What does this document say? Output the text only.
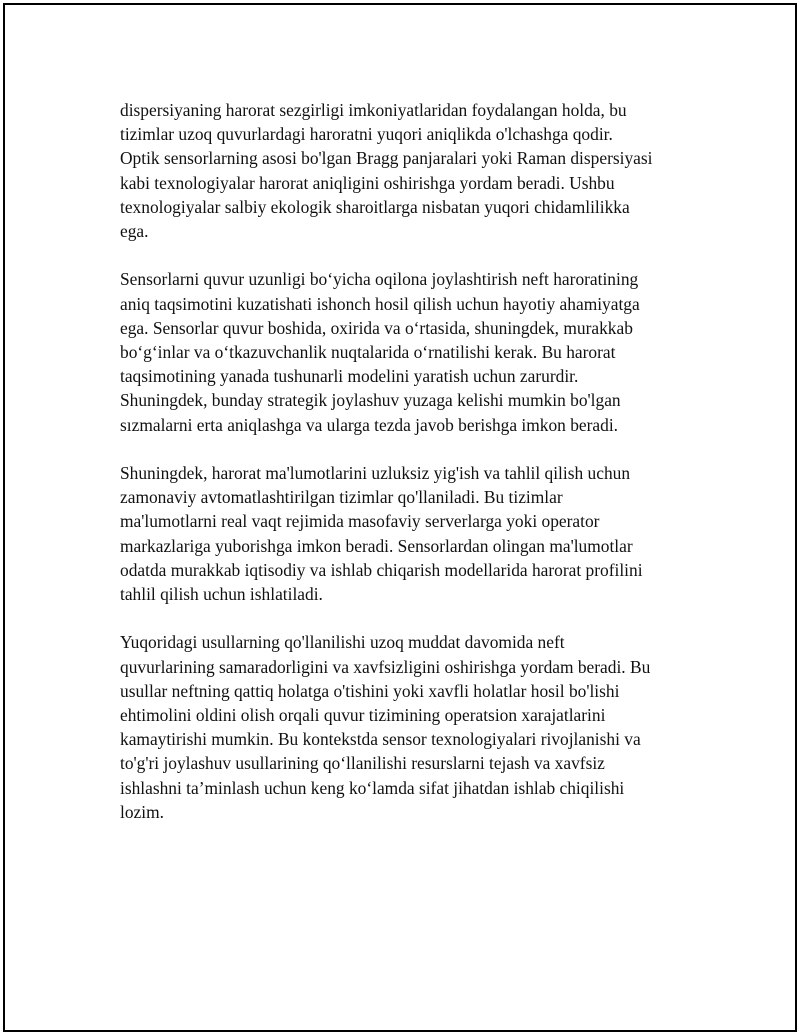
dispersiyaning harorat sezgirligi imkoniyatlaridan foydalangan holda, bu
tizimlar uzoq quvurlardagi haroratni yuqori aniqlikda o'lchashga qodir.
Optik sensorlarning asosi bo'lgan Bragg panjaralari yoki Raman dispersiyasi
kabi texnologiyalar harorat aniqligini oshirishga yordam beradi. Ushbu
texnologiyalar salbiy ekologik sharoitlarga nisbatan yuqori chidamlilikka
ega.

Sensorlarni quvur uzunligi bo‘yicha oqilona joylashtirish neft haroratining
aniq taqsimotini kuzatishati ishonch hosil qilish uchun hayotiy ahamiyatga
ega. Sensorlar quvur boshida, oxirida va o‘rtasida, shuningdek, murakkab
bo‘g‘inlar va o‘tkazuvchanlik nuqtalarida o‘rnatilishi kerak. Bu harorat
taqsimotining yanada tushunarli modelini yaratish uchun zarurdir.
Shuningdek, bunday strategik joylashuv yuzaga kelishi mumkin bo'lgan
sızmalarni erta aniqlashga va ularga tezda javob berishga imkon beradi.

Shuningdek, harorat ma'lumotlarini uzluksiz yig'ish va tahlil qilish uchun
zamonaviy avtomatlashtirilgan tizimlar qo'llaniladi. Bu tizimlar
ma'lumotlarni real vaqt rejimida masofaviy serverlarga yoki operator
markazlariga yuborishga imkon beradi. Sensorlardan olingan ma'lumotlar
odatda murakkab iqtisodiy va ishlab chiqarish modellarida harorat profilini
tahlil qilish uchun ishlatiladi.

Yuqoridagi usullarning qo'llanilishi uzoq muddat davomida neft
quvurlarining samaradorligini va xavfsizligini oshirishga yordam beradi. Bu
usullar neftning qattiq holatga o'tishini yoki xavfli holatlar hosil bo'lishi
ehtimolini oldini olish orqali quvur tizimining operatsion xarajatlarini
kamaytirishi mumkin. Bu kontekstda sensor texnologiyalari rivojlanishi va
to'g'ri joylashuv usullarining qo‘llanilishi resurslarni tejash va xavfsiz
ishlashni ta’minlash uchun keng ko‘lamda sifat jihatdan ishlab chiqilishi
lozim.
